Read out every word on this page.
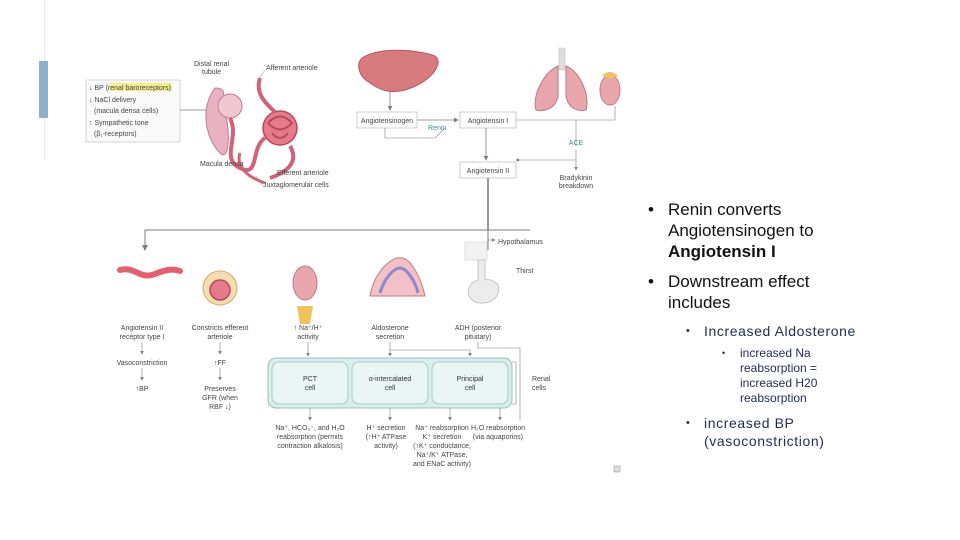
↓ BP (renal baroreceptors)
↓ NaCl delivery
(macula densa cells)
↑ Sympathetic tone
(β₁-receptors)
Distal renal
tubule
Afferent arteriole
Macula densa
Efferent arteriole
Juxtaglomerular cells
Angiotensinogen
Renin
Angiotensin I
ACE
Angiotensin II
Bradykinin
breakdown
Hypothalamus
Thirst
Angiotensin II
receptor type I
Constricts efferent
arteriole
↑ Na⁺/H⁺
activity
Aldosterone
secretion
ADH (posterior
pituitary)
Vasoconstriction
↑BP
↑FF
Preserves
GFR (when
RBF ↓)
PCT
cell
α-intercalated
cell
Principal
cell
Renal
cells
Na⁺, HCO₃⁻, and H₂O
reabsorption (permits
contraction alkalosis)
H⁺ secretion
(↑H⁺ ATPase
activity)
Na⁺ reabsorption
K⁺ secretion
(↑K⁺ conductance,
Na⁺/K⁺ ATPase,
and ENaC activity)
H₂O reabsorption
(via aquaporins)
• Renin converts
Angiotensinogen to
Angiotensin I
• Downstream effect
includes
• Increased Aldosterone
• increased Na reabsorption = increased H20 reabsorption
• increased BP (vasoconstriction)
